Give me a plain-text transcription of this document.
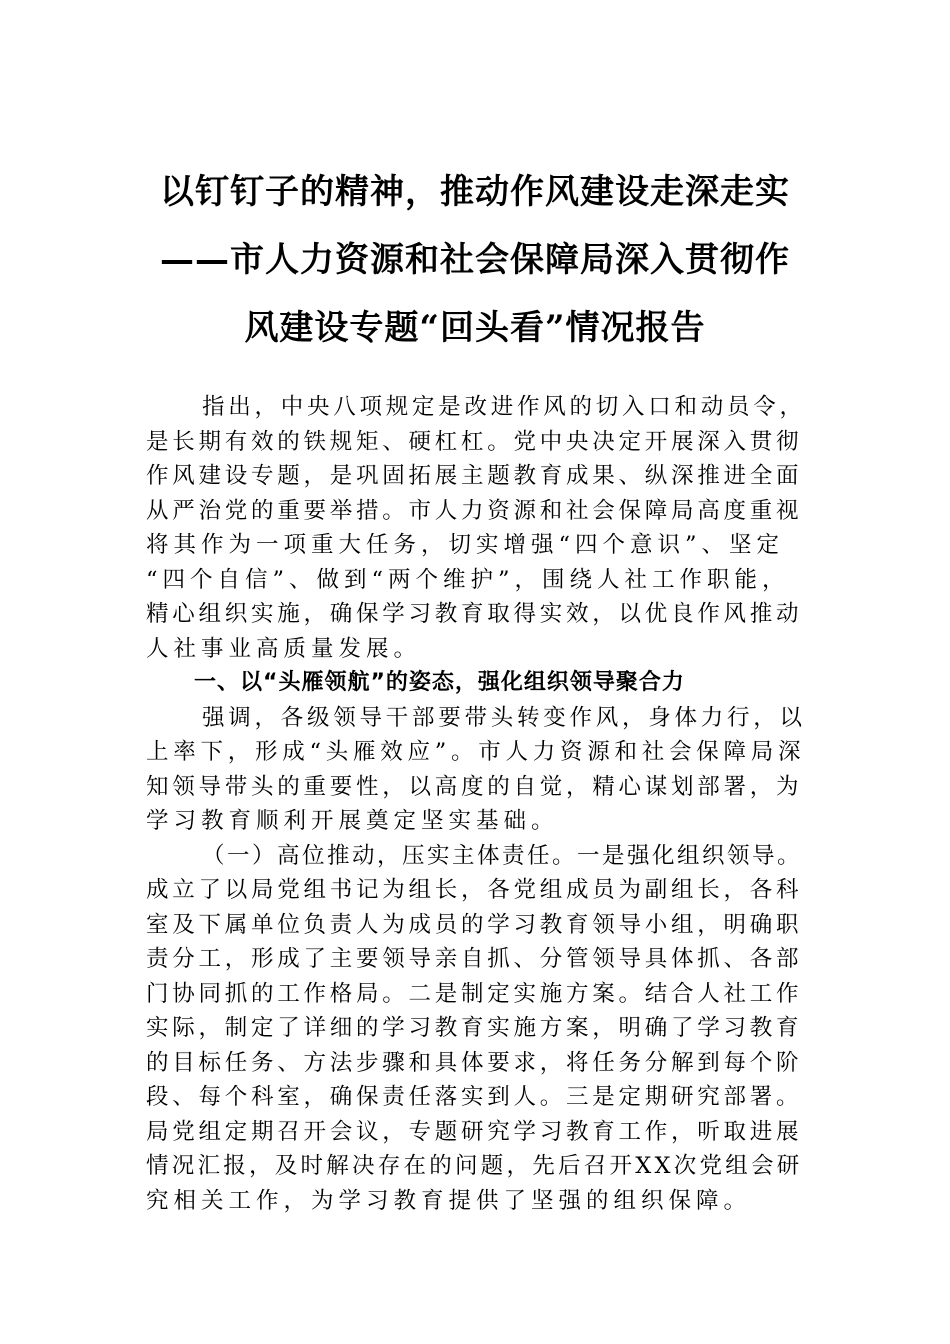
以钉钉子的精神，推动作风建设走深走实
——市人力资源和社会保障局深入贯彻作
风建设专题“回头看”情况报告
指出，中央八项规定是改进作风的切入口和动员令，
是长期有效的铁规矩、硬杠杠。党中央决定开展深入贯彻
作风建设专题，是巩固拓展主题教育成果、纵深推进全面
从严治党的重要举措。市人力资源和社会保障局高度重视
将其作为一项重大任务，切实增强“四个意识”、坚定
“四个自信”、做到“两个维护”，围绕人社工作职能，
精心组织实施，确保学习教育取得实效，以优良作风推动
人社事业高质量发展。
一、以“头雁领航”的姿态，强化组织领导聚合力
强调，各级领导干部要带头转变作风，身体力行，以
上率下，形成“头雁效应”。市人力资源和社会保障局深
知领导带头的重要性，以高度的自觉，精心谋划部署，为
学习教育顺利开展奠定坚实基础。
（一）高位推动，压实主体责任。一是强化组织领导。
成立了以局党组书记为组长，各党组成员为副组长，各科
室及下属单位负责人为成员的学习教育领导小组，明确职
责分工，形成了主要领导亲自抓、分管领导具体抓、各部
门协同抓的工作格局。二是制定实施方案。结合人社工作
实际，制定了详细的学习教育实施方案，明确了学习教育
的目标任务、方法步骤和具体要求，将任务分解到每个阶
段、每个科室，确保责任落实到人。三是定期研究部署。
局党组定期召开会议，专题研究学习教育工作，听取进展
情况汇报，及时解决存在的问题，先后召开XX次党组会研
究相关工作，为学习教育提供了坚强的组织保障。
